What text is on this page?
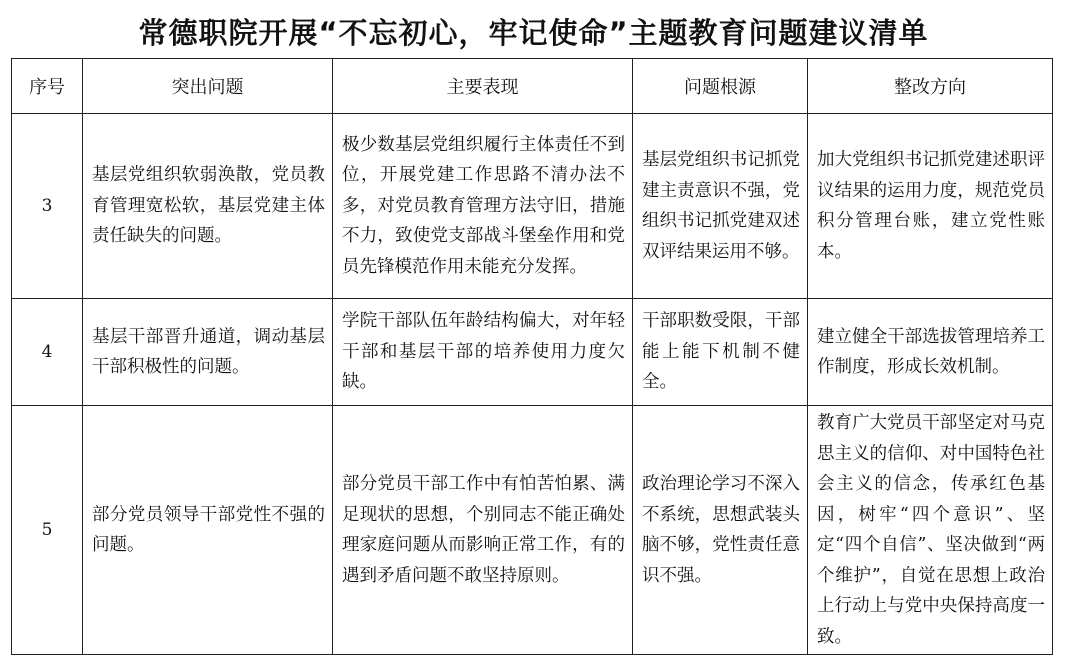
常德职院开展“不忘初心，牢记使命”主题教育问题建议清单
序号	突出问题	主要表现	问题根源	整改方向
3	基层党组织软弱涣散，党员教育管理宽松软，基层党建主体责任缺失的问题。	极少数基层党组织履行主体责任不到位，开展党建工作思路不清办法不多，对党员教育管理方法守旧，措施不力，致使党支部战斗堡垒作用和党员先锋模范作用未能充分发挥。	基层党组织书记抓党建主责意识不强，党组织书记抓党建双述双评结果运用不够。	加大党组织书记抓党建述职评议结果的运用力度，规范党员积分管理台账，建立党性账本。
4	基层干部晋升通道，调动基层干部积极性的问题。	学院干部队伍年龄结构偏大，对年轻干部和基层干部的培养使用力度欠缺。	干部职数受限，干部能上能下机制不健全。	建立健全干部选拔管理培养工作制度，形成长效机制。
5	部分党员领导干部党性不强的问题。	部分党员干部工作中有怕苦怕累、满足现状的思想，个别同志不能正确处理家庭问题从而影响正常工作，有的遇到矛盾问题不敢坚持原则。	政治理论学习不深入不系统，思想武装头脑不够，党性责任意识不强。	教育广大党员干部坚定对马克思主义的信仰、对中国特色社会主义的信念，传承红色基因，树牢“四个意识”、坚定“四个自信”、坚决做到“两个维护”，自觉在思想上政治上行动上与党中央保持高度一致。
